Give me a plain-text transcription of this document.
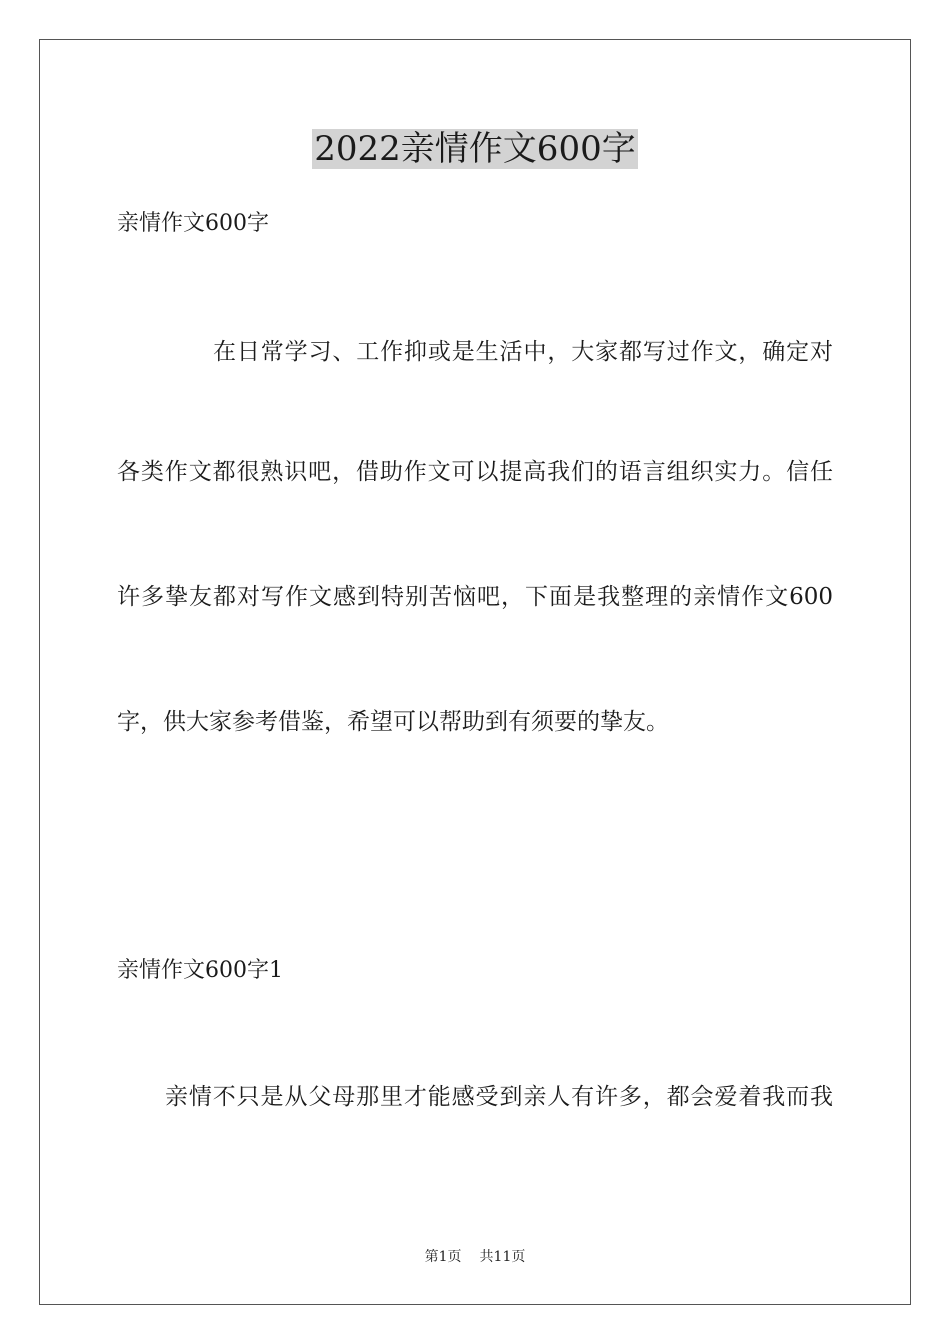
2022亲情作文600字

亲情作文600字

在日常学习、工作抑或是生活中，大家都写过作文，确定对

各类作文都很熟识吧，借助作文可以提高我们的语言组织实力。信任

许多挚友都对写作文感到特别苦恼吧，下面是我整理的亲情作文600

字，供大家参考借鉴，希望可以帮助到有须要的挚友。

亲情作文600字1

亲情不只是从父母那里才能感受到亲人有许多，都会爱着我而我

第1页 共11页
